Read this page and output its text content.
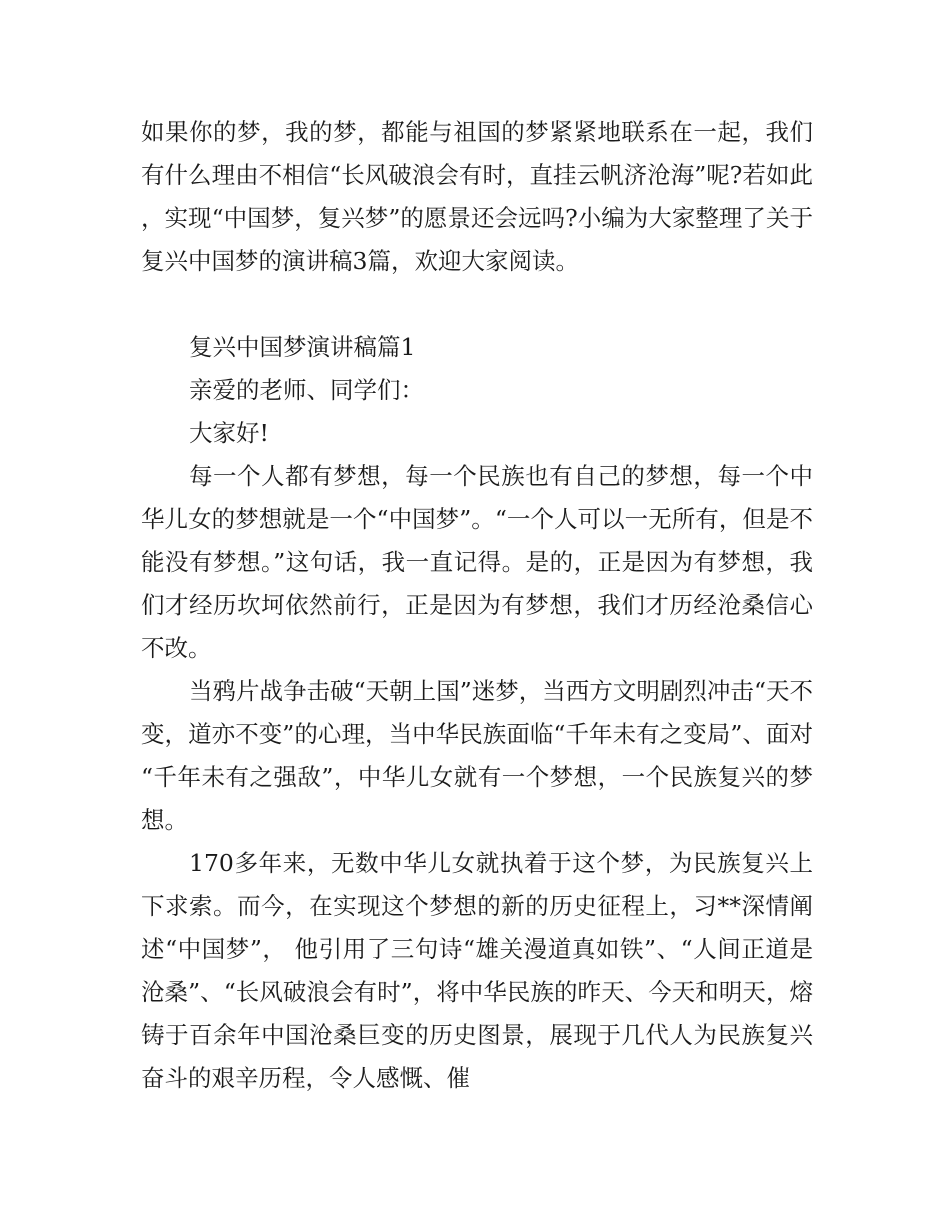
如果你的梦，我的梦，都能与祖国的梦紧紧地联系在一起，我们有什么理由不相信“长风破浪会有时，直挂云帆济沧海”呢?若如此，实现“中国梦，复兴梦”的愿景还会远吗?小编为大家整理了关于复兴中国梦的演讲稿3篇，欢迎大家阅读。

复兴中国梦演讲稿篇1

亲爱的老师、同学们：

大家好!

每一个人都有梦想，每一个民族也有自己的梦想，每一个中华儿女的梦想就是一个“中国梦”。“一个人可以一无所有，但是不能没有梦想。”这句话，我一直记得。是的，正是因为有梦想，我们才经历坎坷依然前行，正是因为有梦想，我们才历经沧桑信心不改。

当鸦片战争击破“天朝上国”迷梦，当西方文明剧烈冲击“天不变，道亦不变”的心理，当中华民族面临“千年未有之变局”、面对“千年未有之强敌”，中华儿女就有一个梦想，一个民族复兴的梦想。

170多年来，无数中华儿女就执着于这个梦，为民族复兴上下求索。而今，在实现这个梦想的新的历史征程上，习**深情阐述“中国梦”， 他引用了三句诗“雄关漫道真如铁”、“人间正道是沧桑”、“长风破浪会有时”，将中华民族的昨天、今天和明天，熔铸于百余年中国沧桑巨变的历史图景，展现于几代人为民族复兴奋斗的艰辛历程，令人感慨、催
